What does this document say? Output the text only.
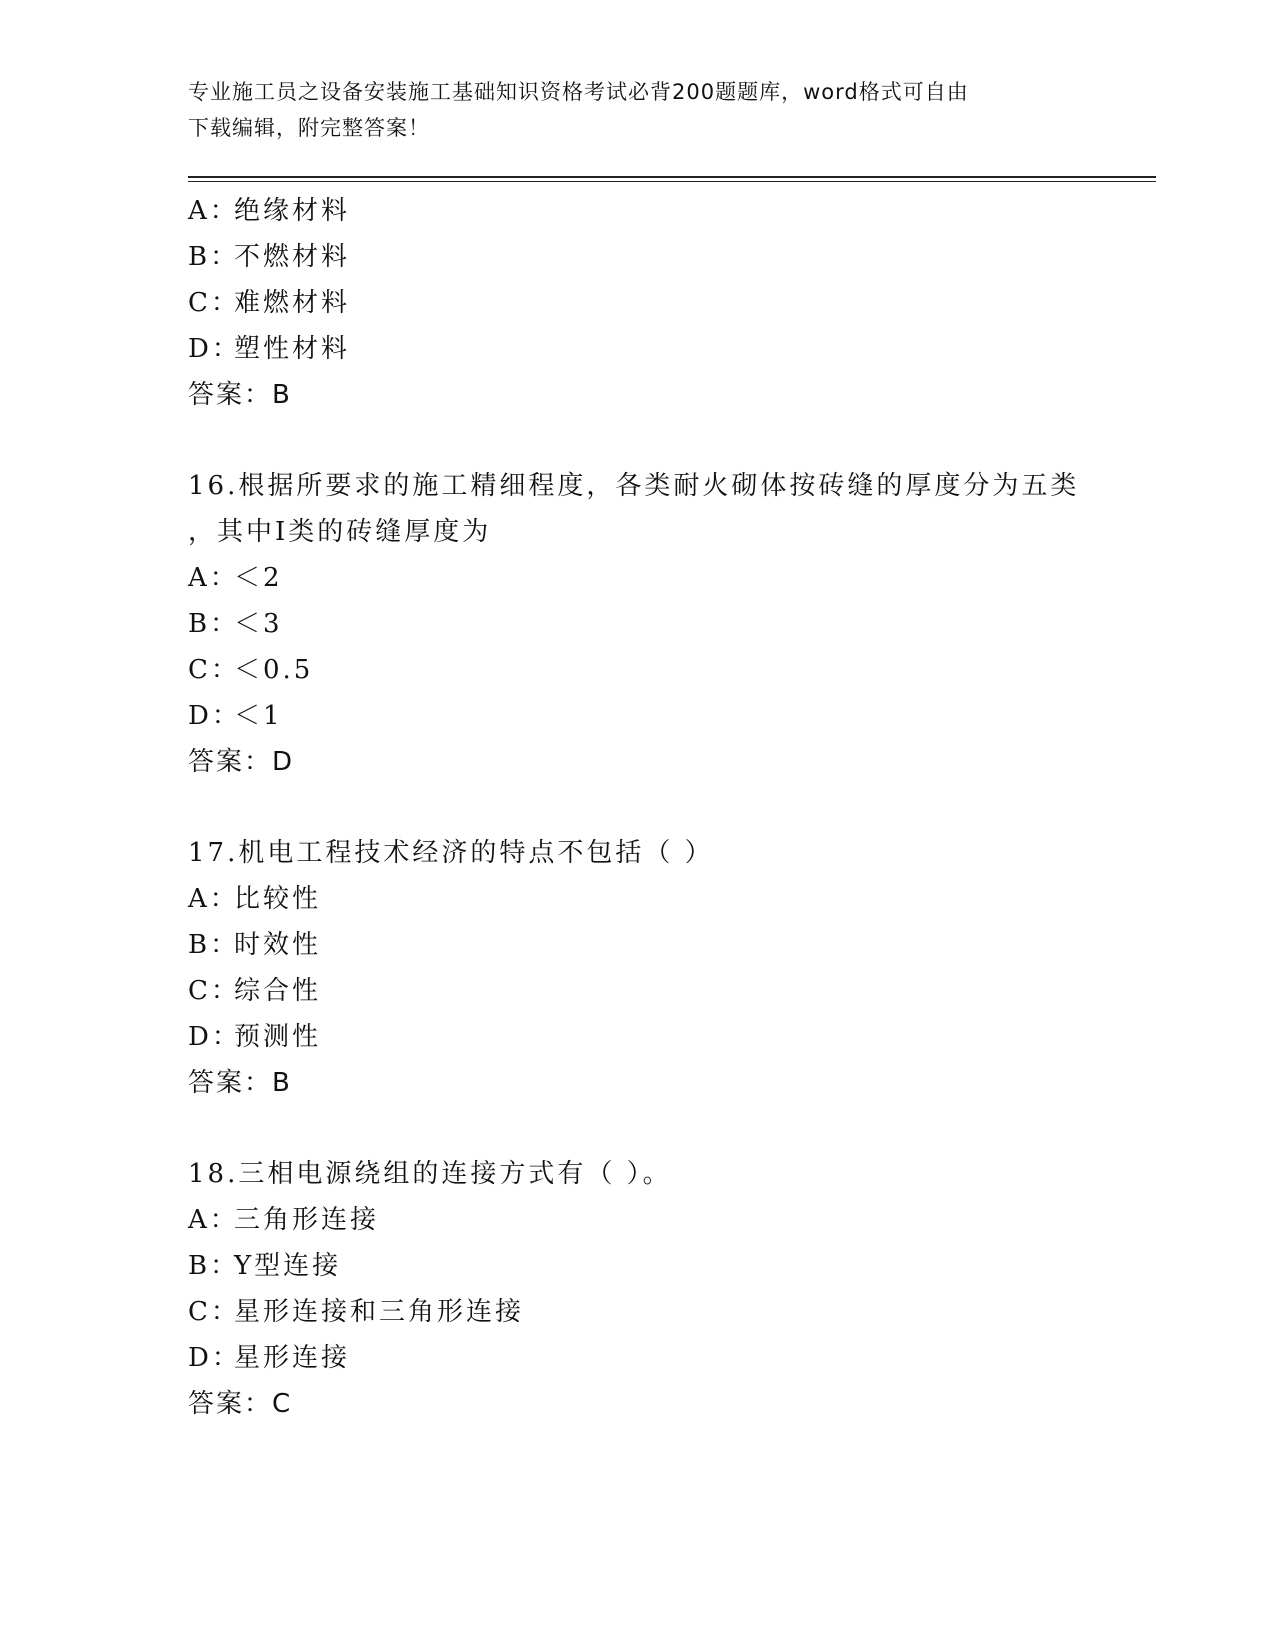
专业施工员之设备安装施工基础知识资格考试必背200题题库，word格式可自由
下载编辑，附完整答案！
A：绝缘材料
B：不燃材料
C：难燃材料
D：塑性材料
答案：B
16.根据所要求的施工精细程度，各类耐火砌体按砖缝的厚度分为五类
，其中Ⅰ类的砖缝厚度为
A：＜2
B：＜3
C：＜0.5
D：＜1
答案：D
17.机电工程技术经济的特点不包括（ ）
A：比较性
B：时效性
C：综合性
D：预测性
答案：B
18.三相电源绕组的连接方式有（ ）。
A：三角形连接
B：Y型连接
C：星形连接和三角形连接
D：星形连接
答案：C
